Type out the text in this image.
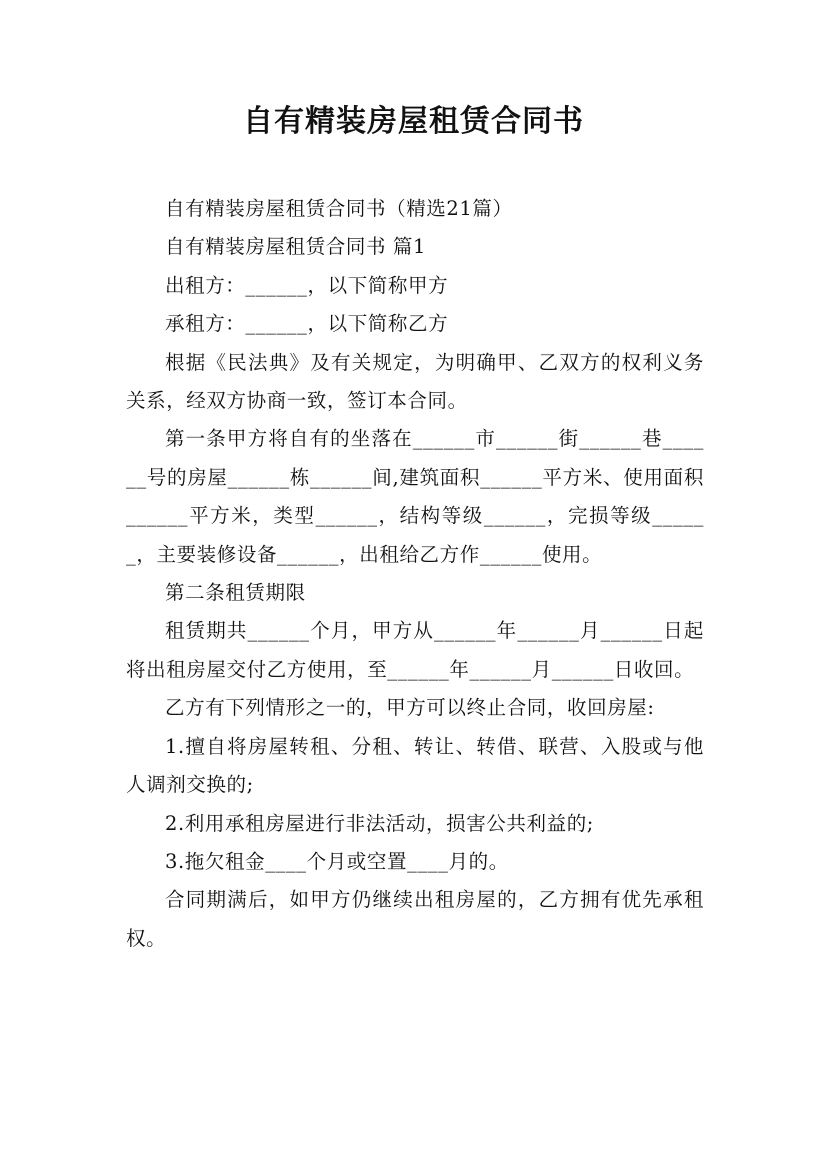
自有精装房屋租赁合同书

自有精装房屋租赁合同书（精选21篇）

自有精装房屋租赁合同书 篇1

出租方：______，以下简称甲方

承租方：______，以下简称乙方

根据《民法典》及有关规定，为明确甲、乙双方的权利义务关系，经双方协商一致，签订本合同。

第一条甲方将自有的坐落在______市______街______巷______号的房屋______栋______间,建筑面积______平方米、使用面积______平方米，类型______，结构等级______，完损等级______，主要装修设备______，出租给乙方作______使用。

第二条租赁期限

租赁期共______个月，甲方从______年______月______日起将出租房屋交付乙方使用，至______年______月______日收回。

乙方有下列情形之一的，甲方可以终止合同，收回房屋:

1.擅自将房屋转租、分租、转让、转借、联营、入股或与他人调剂交换的;

2.利用承租房屋进行非法活动，损害公共利益的;

3.拖欠租金____个月或空置____月的。

合同期满后，如甲方仍继续出租房屋的，乙方拥有优先承租权。
